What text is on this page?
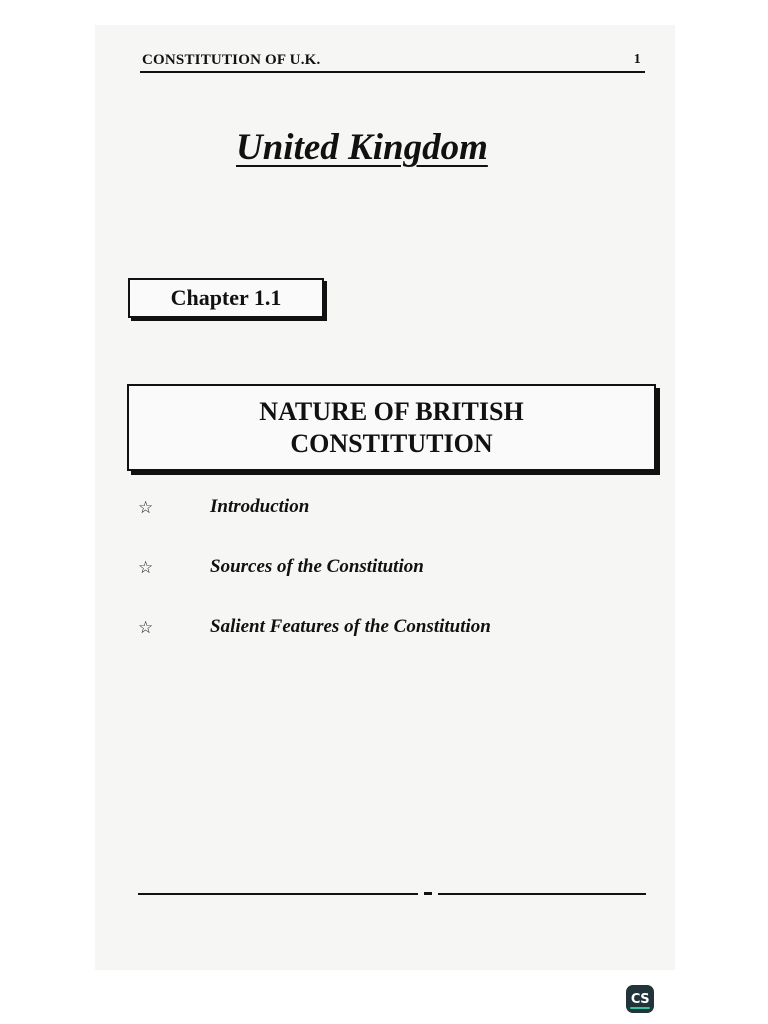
CONSTITUTION OF U.K.	1
United Kingdom
Chapter 1.1
NATURE OF BRITISH
CONSTITUTION
☆	Introduction
☆	Sources of the Constitution
☆	Salient Features of the Constitution
CS
